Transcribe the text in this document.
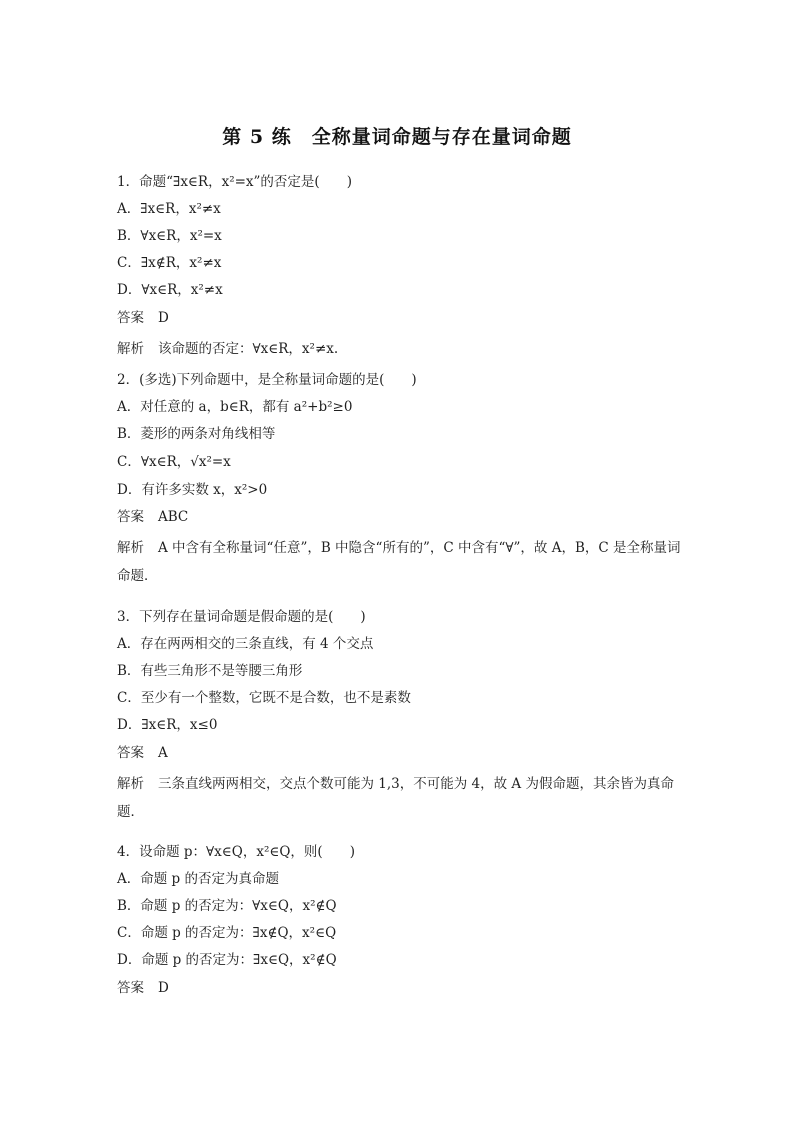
第 5 练　全称量词命题与存在量词命题
1．命题“∃x∈R，x²=x”的否定是(　　)
A．∃x∈R，x²≠x
B．∀x∈R，x²=x
C．∃x∉R，x²≠x
D．∀x∈R，x²≠x
答案 D
解析 该命题的否定：∀x∈R，x²≠x.
2．(多选)下列命题中，是全称量词命题的是(　　)
A．对任意的 a，b∈R，都有 a²+b²≥0
B．菱形的两条对角线相等
C．∀x∈R，√x²=x
D．有许多实数 x，x²>0
答案 ABC
解析 A 中含有全称量词“任意”，B 中隐含“所有的”，C 中含有“∀”，故 A，B，C 是全称量词命题．
3．下列存在量词命题是假命题的是(　　)
A．存在两两相交的三条直线，有 4 个交点
B．有些三角形不是等腰三角形
C．至少有一个整数，它既不是合数，也不是素数
D．∃x∈R，x≤0
答案 A
解析 三条直线两两相交，交点个数可能为 1,3，不可能为 4，故 A 为假命题，其余皆为真命题．
4．设命题 p：∀x∈Q，x²∈Q，则(　　)
A．命题 p 的否定为真命题
B．命题 p 的否定为：∀x∈Q，x²∉Q
C．命题 p 的否定为：∃x∉Q，x²∈Q
D．命题 p 的否定为：∃x∈Q，x²∉Q
答案 D
